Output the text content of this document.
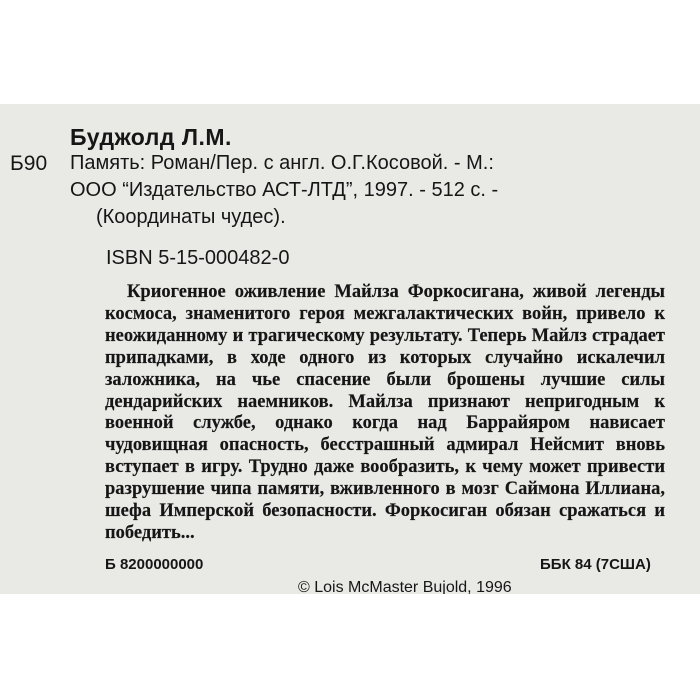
Буджолд Л.М.
Б90 Память: Роман/Пер. с англ. О.Г.Косовой. - М.:
ООО “Издательство АСТ-ЛТД”, 1997. - 512 с. -
(Координаты чудес).
ISBN 5-15-000482-0
Криогенное оживление Майлза Форкосигана, живой легенды космоса, знаменитого героя межгалактических войн, привело к неожиданному и трагическому результату. Теперь Майлз страдает припадками, в ходе одного из которых случайно искалечил заложника, на чье спасение были брошены лучшие силы дендарийских наемников. Майлза признают непригодным к военной службе, однако когда над Баррайяром нависает чудовищная опасность, бесстрашный адмирал Нейсмит вновь вступает в игру. Трудно даже вообразить, к чему может привести разрушение чипа памяти, вживленного в мозг Саймона Иллиана, шефа Имперской безопасности. Форкосиган обязан сражаться и победить...
Б 8200000000	ББК 84 (7США)
© Lois McMaster Bujold, 1996
